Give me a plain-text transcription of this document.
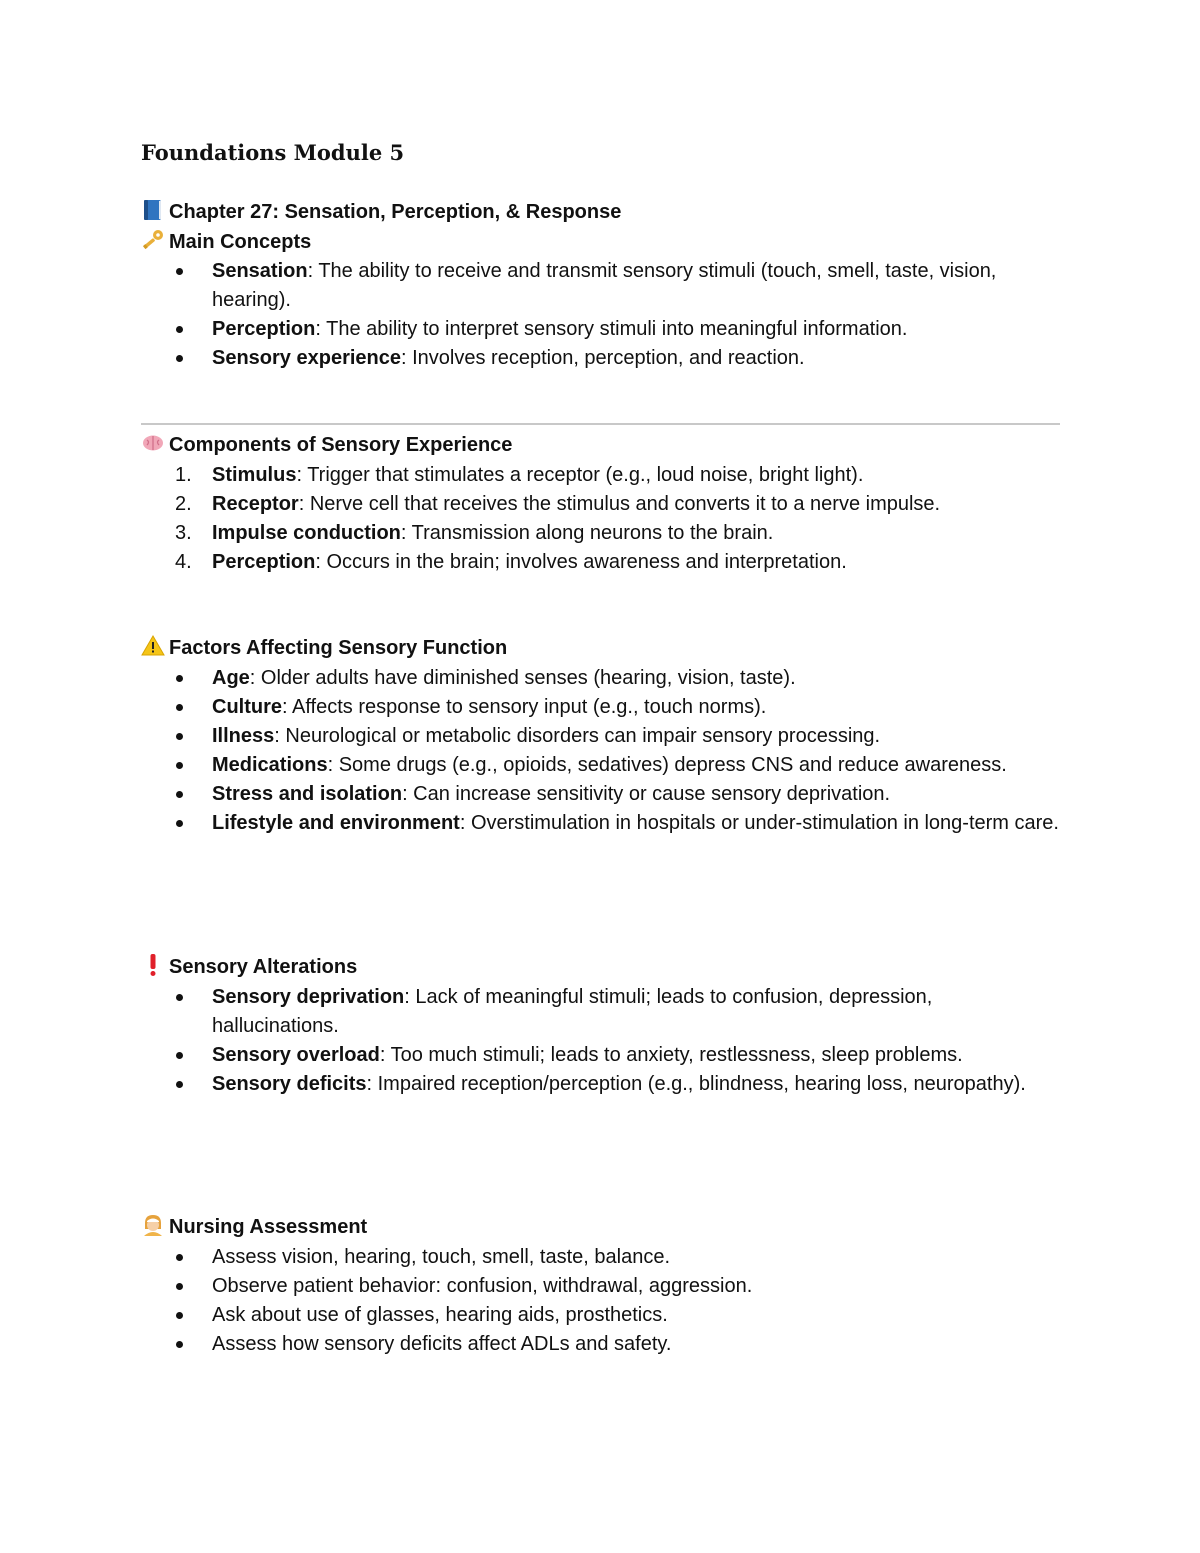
Foundations Module 5
Chapter 27: Sensation, Perception, & Response
Main Concepts
Sensation: The ability to receive and transmit sensory stimuli (touch, smell, taste, vision, hearing).
Perception: The ability to interpret sensory stimuli into meaningful information.
Sensory experience: Involves reception, perception, and reaction.
Components of Sensory Experience
1. Stimulus: Trigger that stimulates a receptor (e.g., loud noise, bright light).
2. Receptor: Nerve cell that receives the stimulus and converts it to a nerve impulse.
3. Impulse conduction: Transmission along neurons to the brain.
4. Perception: Occurs in the brain; involves awareness and interpretation.
Factors Affecting Sensory Function
Age: Older adults have diminished senses (hearing, vision, taste).
Culture: Affects response to sensory input (e.g., touch norms).
Illness: Neurological or metabolic disorders can impair sensory processing.
Medications: Some drugs (e.g., opioids, sedatives) depress CNS and reduce awareness.
Stress and isolation: Can increase sensitivity or cause sensory deprivation.
Lifestyle and environment: Overstimulation in hospitals or under-stimulation in long-term care.
Sensory Alterations
Sensory deprivation: Lack of meaningful stimuli; leads to confusion, depression, hallucinations.
Sensory overload: Too much stimuli; leads to anxiety, restlessness, sleep problems.
Sensory deficits: Impaired reception/perception (e.g., blindness, hearing loss, neuropathy).
Nursing Assessment
Assess vision, hearing, touch, smell, taste, balance.
Observe patient behavior: confusion, withdrawal, aggression.
Ask about use of glasses, hearing aids, prosthetics.
Assess how sensory deficits affect ADLs and safety.
